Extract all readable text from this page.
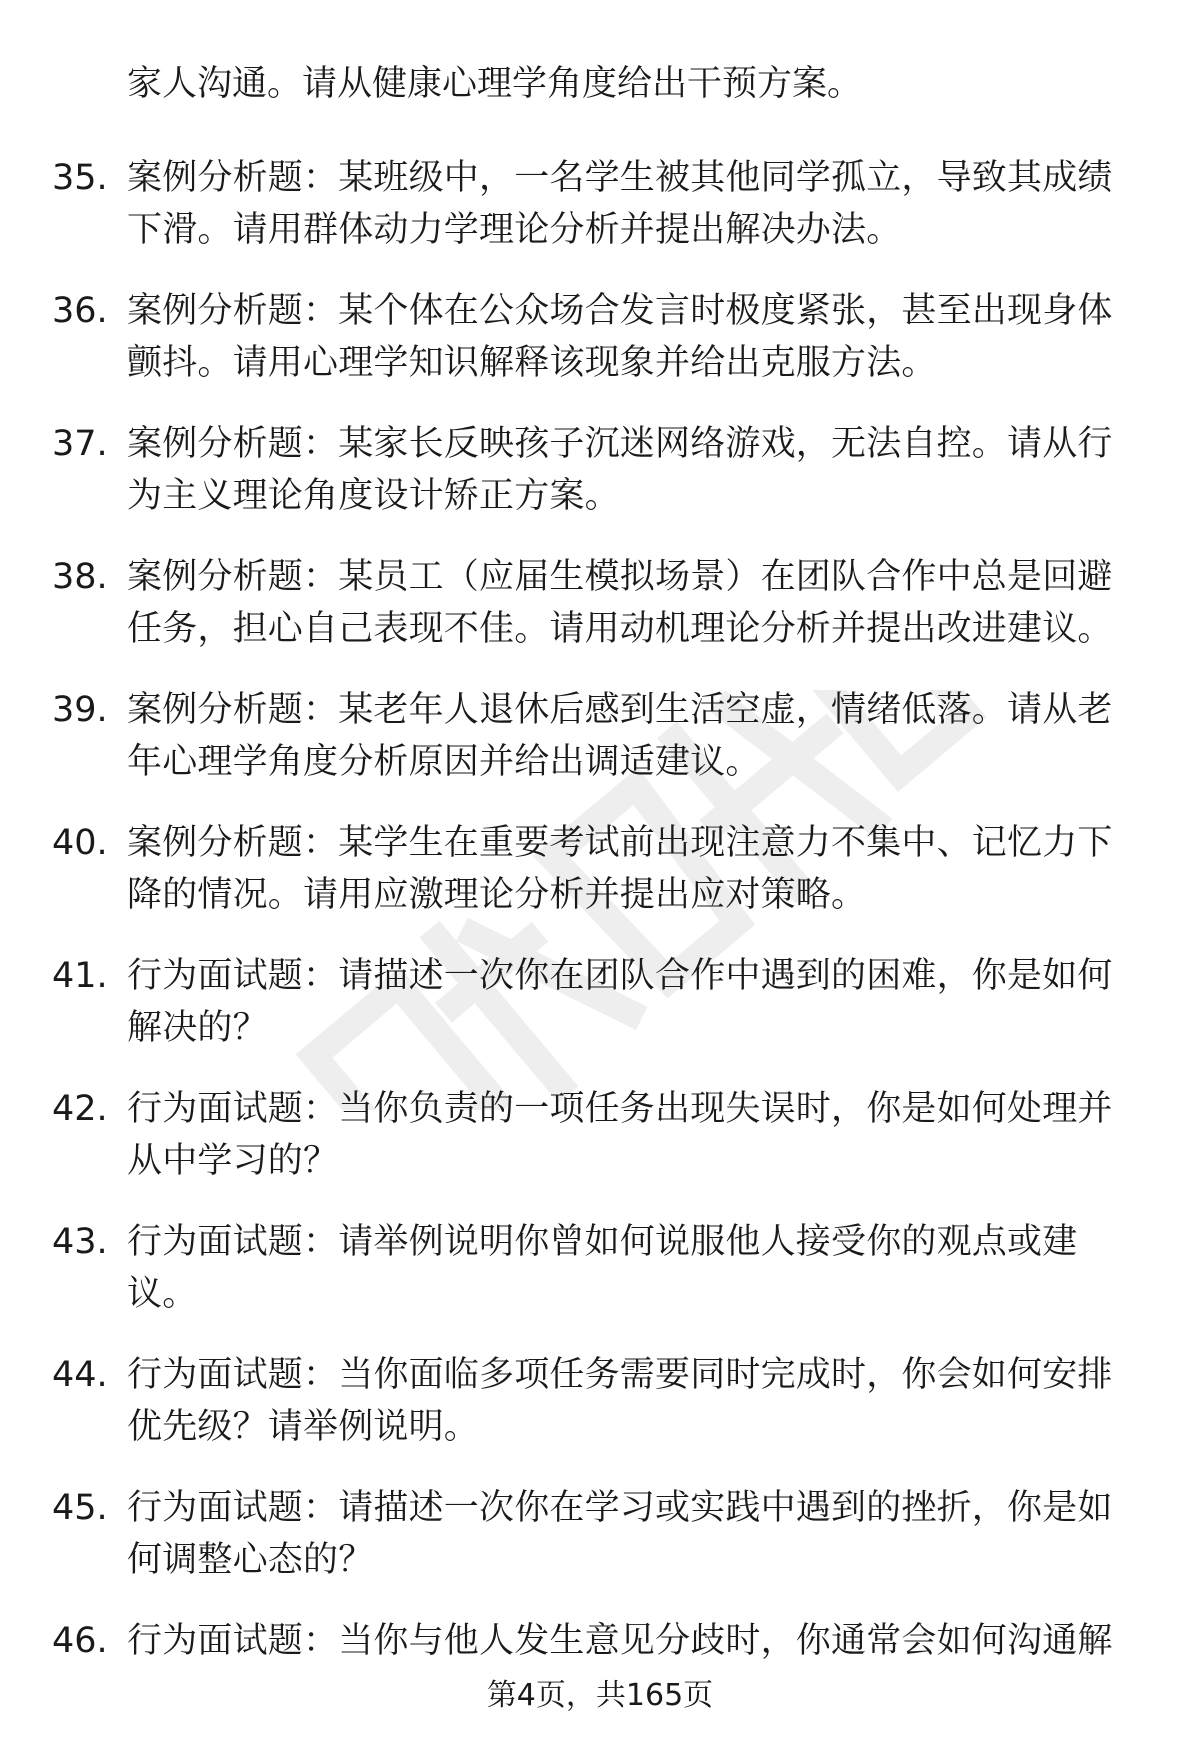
家人沟通。请从健康心理学角度给出干预方案。

35. 案例分析题：某班级中，一名学生被其他同学孤立，导致其成绩下滑。请用群体动力学理论分析并提出解决办法。

36. 案例分析题：某个体在公众场合发言时极度紧张，甚至出现身体颤抖。请用心理学知识解释该现象并给出克服方法。

37. 案例分析题：某家长反映孩子沉迷网络游戏，无法自控。请从行为主义理论角度设计矫正方案。

38. 案例分析题：某员工（应届生模拟场景）在团队合作中总是回避任务，担心自己表现不佳。请用动机理论分析并提出改进建议。

39. 案例分析题：某老年人退休后感到生活空虚，情绪低落。请从老年心理学角度分析原因并给出调适建议。

40. 案例分析题：某学生在重要考试前出现注意力不集中、记忆力下降的情况。请用应激理论分析并提出应对策略。

41. 行为面试题：请描述一次你在团队合作中遇到的困难，你是如何解决的？

42. 行为面试题：当你负责的一项任务出现失误时，你是如何处理并从中学习的？

43. 行为面试题：请举例说明你曾如何说服他人接受你的观点或建议。

44. 行为面试题：当你面临多项任务需要同时完成时，你会如何安排优先级？请举例说明。

45. 行为面试题：请描述一次你在学习或实践中遇到的挫折，你是如何调整心态的？

46. 行为面试题：当你与他人发生意见分歧时，你通常会如何沟通解

第4页，共165页
